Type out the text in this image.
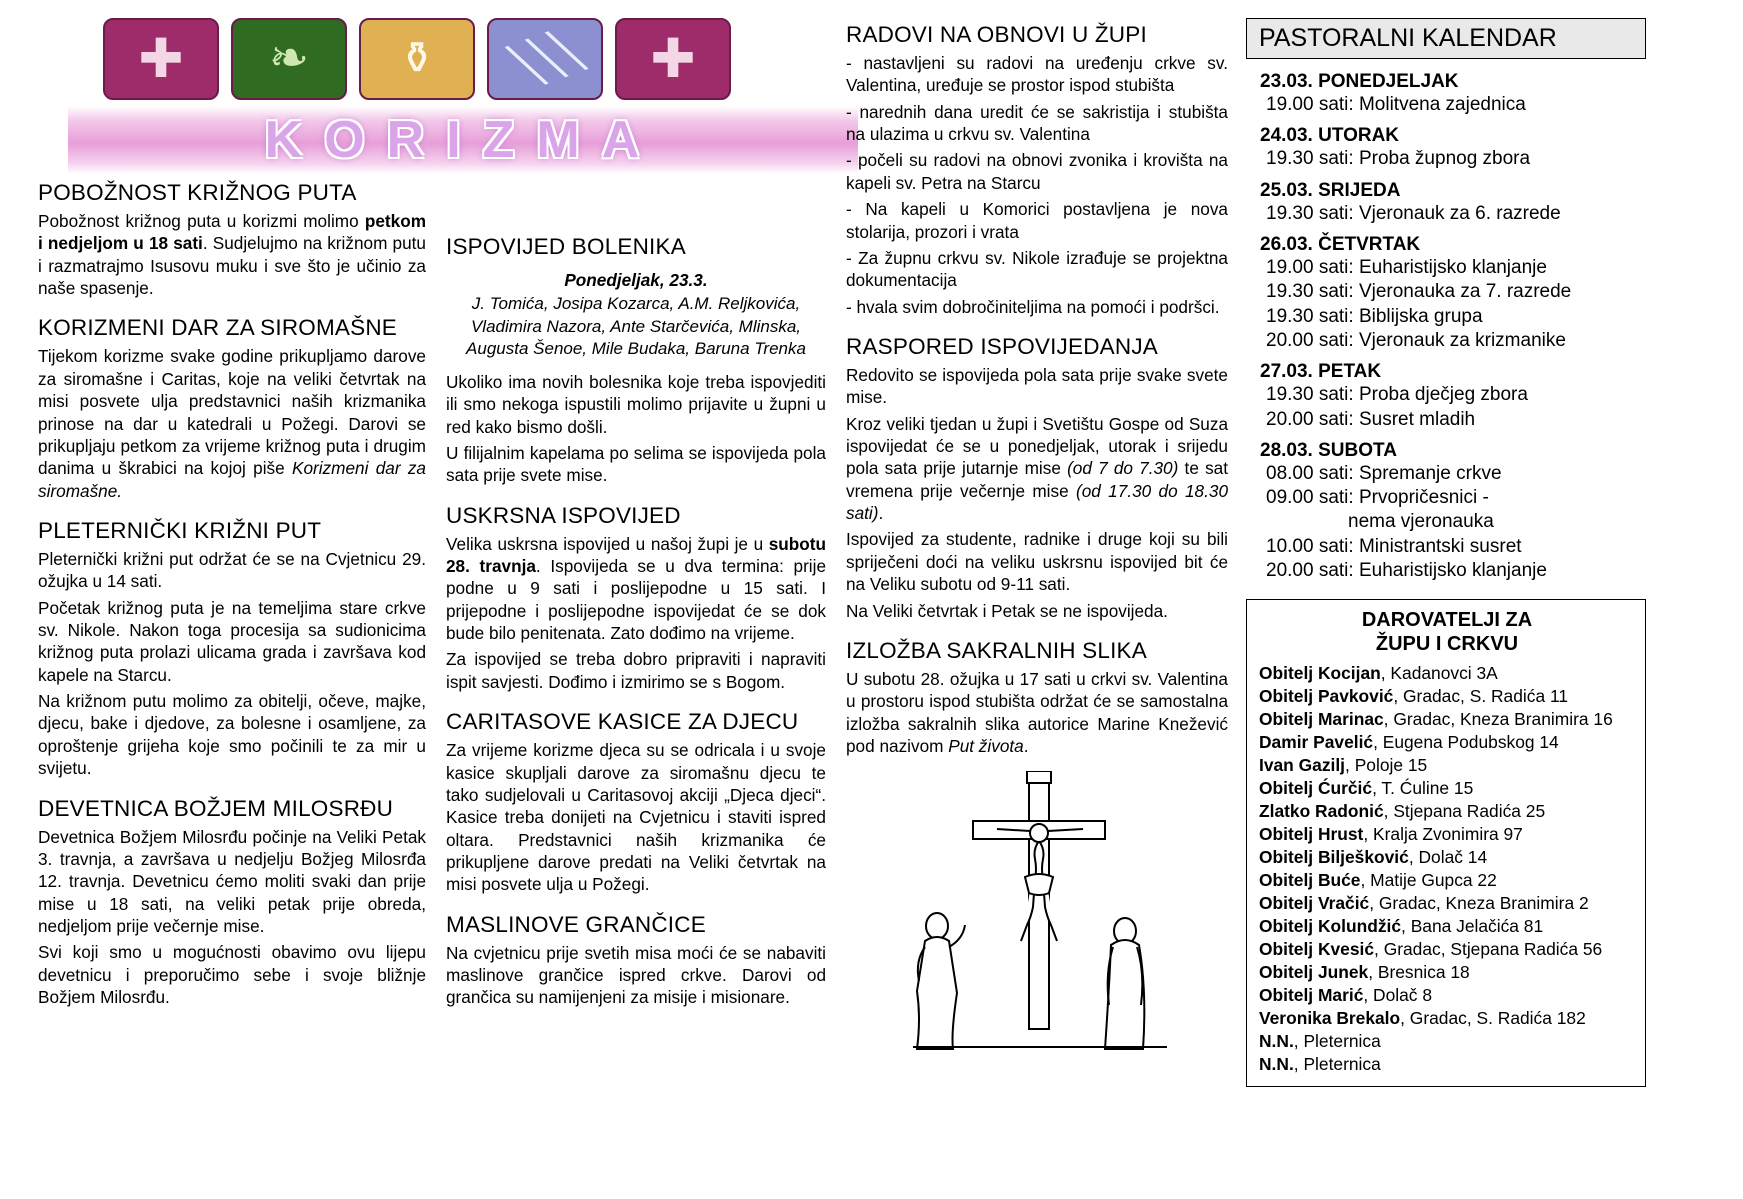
✚ ❧ ⚱ ╲╲╲ ✚
KORIZMA
POBOŽNOST KRIŽNOG PUTA

Pobožnost križnog puta u korizmi molimo petkom i nedjeljom u 18 sati. Sudjelujmo na križnom putu i razmatrajmo Isusovu muku i sve što je učinio za naše spasenje.

KORIZMENI DAR ZA SIROMAŠNE

Tijekom korizme svake godine prikupljamo darove za siromašne i Caritas, koje na veliki četvrtak na misi posvete ulja predstavnici naših krizmanika prinose na dar u katedrali u Požegi. Darovi se prikupljaju petkom za vrijeme križnog puta i drugim danima u škrabici na kojoj piše Korizmeni dar za siromašne.

PLETERNIČKI KRIŽNI PUT

Pleternički križni put održat će se na Cvjetnicu 29. ožujka u 14 sati.

Početak križnog puta je na temeljima stare crkve sv. Nikole. Nakon toga procesija sa sudionicima križnog puta prolazi ulicama grada i završava kod kapele na Starcu.

Na križnom putu molimo za obitelji, očeve, majke, djecu, bake i djedove, za bolesne i osamljene, za oproštenje grijeha koje smo počinili te za mir u svijetu.

DEVETNICA BOŽJEM MILOSRĐU

Devetnica Božjem Milosrđu počinje na Veliki Petak 3. travnja, a završava u nedjelju Božjeg Milosrđa 12. travnja. Devetnicu ćemo moliti svaki dan prije mise u 18 sati, na veliki petak prije obreda, nedjeljom prije večernje mise.

Svi koji smo u mogućnosti obavimo ovu lijepu devetnicu i preporučimo sebe i svoje bližnje Božjem Milosrđu.

ISPOVIJED BOLENIKA
Ponedjeljak, 23.3.
J. Tomića, Josipa Kozarca, A.M. Reljkovića, Vladimira Nazora, Ante Starčevića, Mlinska, Augusta Šenoe, Mile Budaka, Baruna Trenka

Ukoliko ima novih bolesnika koje treba ispovjediti ili smo nekoga ispustili molimo prijavite u župni u red kako bismo došli.

U filijalnim kapelama po selima se ispovijeda pola sata prije svete mise.

USKRSNA ISPOVIJED

Velika uskrsna ispovijed u našoj župi je u subotu 28. travnja. Ispovijeda se u dva termina: prije podne u 9 sati i poslijepodne u 15 sati. I prijepodne i poslijepodne ispovijedat će se dok bude bilo penitenata. Zato dođimo na vrijeme.

Za ispovijed se treba dobro pripraviti i napraviti ispit savjesti. Dođimo i izmirimo se s Bogom.

CARITASOVE KASICE ZA DJECU

Za vrijeme korizme djeca su se odricala i u svoje kasice skupljali darove za siromašnu djecu te tako sudjelovali u Caritasovoj akciji „Djeca djeci“. Kasice treba donijeti na Cvjetnicu i staviti ispred oltara. Predstavnici naših krizmanika će prikupljene darove predati na Veliki četvrtak na misi posvete ulja u Požegi.

MASLINOVE GRANČICE

Na cvjetnicu prije svetih misa moći će se nabaviti maslinove grančice ispred crkve. Darovi od grančica su namijenjeni za misije i misionare.

RADOVI NA OBNOVI U ŽUPI

- nastavljeni su radovi na uređenju crkve sv. Valentina, uređuje se prostor ispod stubišta

- narednih dana uredit će se sakristija i stubišta na ulazima u crkvu sv. Valentina

- počeli su radovi na obnovi zvonika i krovišta na kapeli sv. Petra na Starcu

- Na kapeli u Komorici postavljena je nova stolarija, prozori i vrata

- Za župnu crkvu sv. Nikole izrađuje se projektna dokumentacija

- hvala svim dobročiniteljima na pomoći i podršci.

RASPORED ISPOVIJEDANJA

Redovito se ispovijeda pola sata prije svake svete mise.

Kroz veliki tjedan u župi i Svetištu Gospe od Suza ispovijedat će se u ponedjeljak, utorak i srijedu pola sata prije jutarnje mise (od 7 do 7.30) te sat vremena prije večernje mise (od 17.30 do 18.30 sati).

Ispovijed za studente, radnike i druge koji su bili spriječeni doći na veliku uskrsnu ispovijed bit će na Veliku subotu od 9-11 sati.

Na Veliki četvrtak i Petak se ne ispovijeda.

IZLOŽBA SAKRALNIH SLIKA

U subotu 28. ožujka u 17 sati u crkvi sv. Valentina u prostoru ispod stubišta održat će se samostalna izložba sakralnih slika autorice Marine Knežević pod nazivom Put života.

PASTORALNI KALENDAR
23.03. PONEDJELJAK
19.00 sati: Molitvena zajednica
24.03. UTORAK
19.30 sati: Proba župnog zbora
25.03. SRIJEDA
19.30 sati: Vjeronauk za 6. razrede
26.03. ČETVRTAK
19.00 sati: Euharistijsko klanjanje
19.30 sati: Vjeronauka za 7. razrede
19.30 sati: Biblijska grupa
20.00 sati: Vjeronauk za krizmanike
27.03. PETAK
19.30 sati: Proba dječjeg zbora
20.00 sati: Susret mladih
28.03. SUBOTA
08.00 sati: Spremanje crkve
09.00 sati: Prvopričesnici -
nema vjeronauka
10.00 sati: Ministrantski susret
20.00 sati: Euharistijsko klanjanje
DAROVATELJI ZA
ŽUPU I CRKVU
Obitelj Kocijan, Kadanovci 3A
Obitelj Pavković, Gradac, S. Radića 11
Obitelj Marinac, Gradac, Kneza Branimira 16
Damir Pavelić, Eugena Podubskog 14
Ivan Gazilj, Poloje 15
Obitelj Ćurčić, T. Ćuline 15
Zlatko Radonić, Stjepana Radića 25
Obitelj Hrust, Kralja Zvonimira 97
Obitelj Bilješković, Dolač 14
Obitelj Buće, Matije Gupca 22
Obitelj Vračić, Gradac, Kneza Branimira 2
Obitelj Kolundžić, Bana Jelačića 81
Obitelj Kvesić, Gradac, Stjepana Radića 56
Obitelj Junek, Bresnica 18
Obitelj Marić, Dolač 8
Veronika Brekalo, Gradac, S. Radića 182
N.N., Pleternica
N.N., Pleternica
